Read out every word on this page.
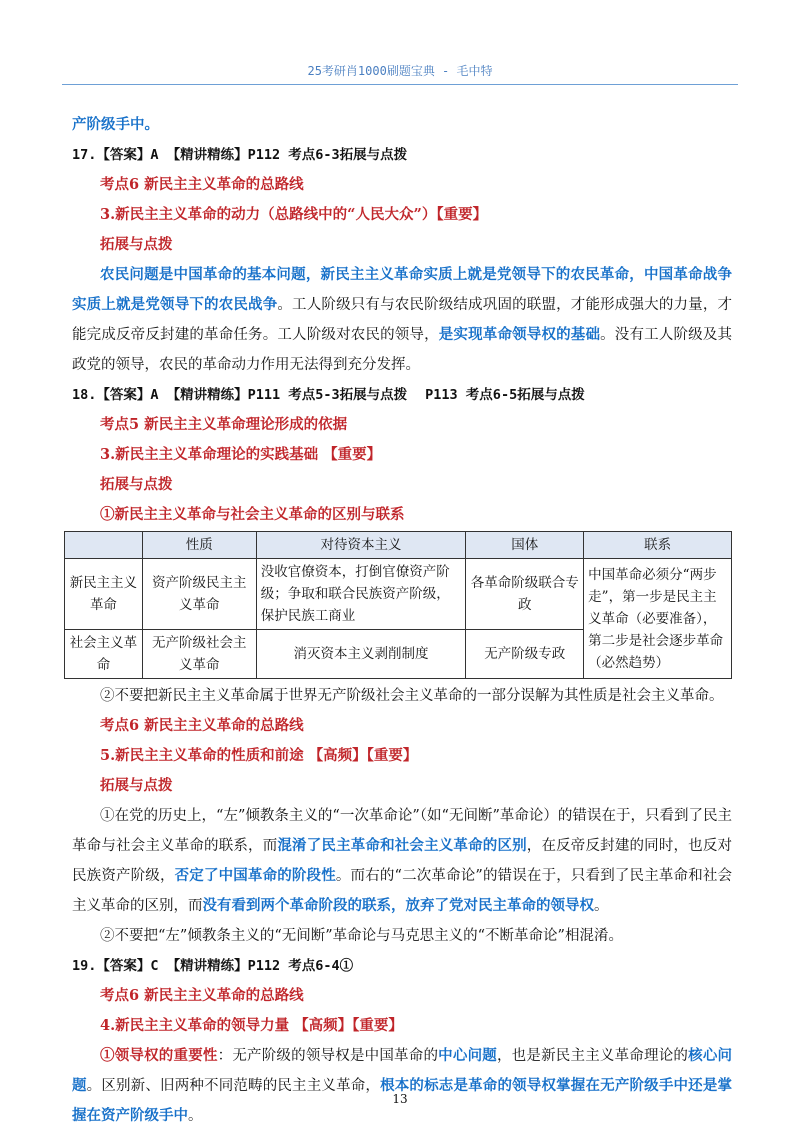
25考研肖1000刷题宝典 - 毛中特

产阶级手中。

17.【答案】A 【精讲精练】P112 考点6-3拓展与点拨

考点6 新民主主义革命的总路线

3.新民主主义革命的动力（总路线中的“人民大众”）【重要】

拓展与点拨

农民问题是中国革命的基本问题，新民主主义革命实质上就是党领导下的农民革命，中国革命战争实质上就是党领导下的农民战争。工人阶级只有与农民阶级结成巩固的联盟，才能形成强大的力量，才能完成反帝反封建的革命任务。工人阶级对农民的领导，是实现革命领导权的基础。没有工人阶级及其政党的领导，农民的革命动力作用无法得到充分发挥。

18.【答案】A 【精讲精练】P111 考点5-3拓展与点拨 P113 考点6-5拓展与点拨

考点5 新民主主义革命理论形成的依据

3.新民主主义革命理论的实践基础 【重要】

拓展与点拨

①新民主主义革命与社会主义革命的区别与联系

	性质	对待资本主义	国体	联系
新民主主义革命	资产阶级民主主义革命	没收官僚资本，打倒官僚资产阶级；争取和联合民族资产阶级，保护民族工商业	各革命阶级联合专政	中国革命必须分“两步走”，第一步是民主主义革命（必要准备），第二步是社会逐步革命（必然趋势）
社会主义革命	无产阶级社会主义革命	消灭资本主义剥削制度	无产阶级专政	

②不要把新民主主义革命属于世界无产阶级社会主义革命的一部分误解为其性质是社会主义革命。

考点6 新民主主义革命的总路线

5.新民主主义革命的性质和前途 【高频】【重要】

拓展与点拨

①在党的历史上，“左”倾教条主义的“一次革命论”（如“无间断”革命论）的错误在于，只看到了民主革命与社会主义革命的联系，而混淆了民主革命和社会主义革命的区别，在反帝反封建的同时，也反对民族资产阶级，否定了中国革命的阶段性。而右的“二次革命论”的错误在于，只看到了民主革命和社会主义革命的区别，而没有看到两个革命阶段的联系，放弃了党对民主革命的领导权。

②不要把“左”倾教条主义的“无间断”革命论与马克思主义的“不断革命论”相混淆。

19.【答案】C 【精讲精练】P112 考点6-4①

考点6 新民主主义革命的总路线

4.新民主主义革命的领导力量 【高频】【重要】

①领导权的重要性：无产阶级的领导权是中国革命的中心问题，也是新民主主义革命理论的核心问题。区别新、旧两种不同范畴的民主主义革命，根本的标志是革命的领导权掌握在无产阶级手中还是掌握在资产阶级手中。

13
